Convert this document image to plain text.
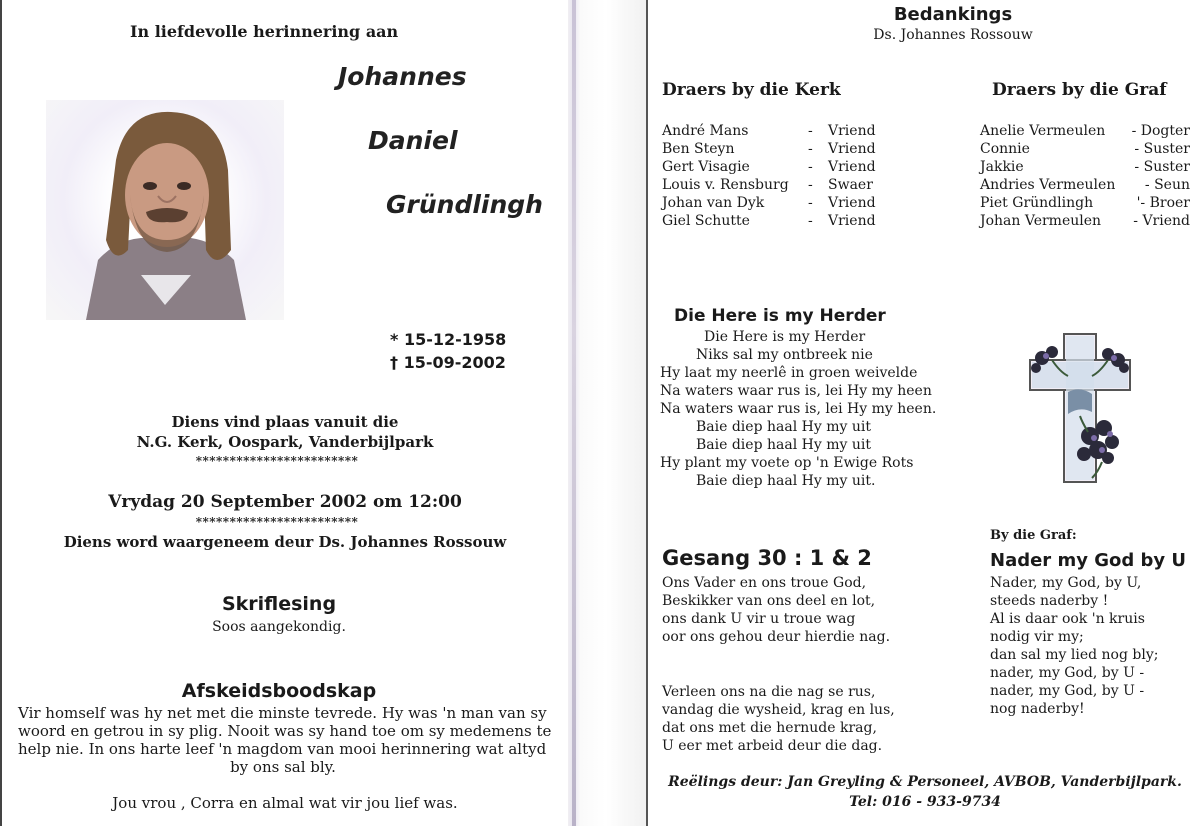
In liefdevolle herinnering aan
Johannes
Daniel
Gründlingh
* 15-12-1958
† 15-09-2002
Diens vind plaas vanuit die
N.G. Kerk, Oospark, Vanderbijlpark
************************
Vrydag 20 September 2002 om 12:00
************************
Diens word waargeneem deur Ds. Johannes Rossouw
Skriflesing
Soos aangekondig.
Afskeidsboodskap
Vir homself was hy net met die minste tevrede. Hy was 'n man van sy
woord en getrou in sy plig. Nooit was sy hand toe om sy medemens te
help nie. In ons harte leef 'n magdom van mooi herinnering wat altyd
by ons sal bly.
Jou vrou , Corra en almal wat vir jou lief was.
Bedankings
Ds. Johannes Rossouw
Draers by die Kerk
André Mans	- Vriend
Ben Steyn	- Vriend
Gert Visagie	- Vriend
Louis v. Rensburg - Swaer
Johan van Dyk	- Vriend
Giel Schutte	- Vriend
Draers by die Graf
Anelie Vermeulen - Dogter
Connie	- Suster
Jakkie	- Suster
Andries Vermeulen - Seun
Piet Gründlingh	'- Broer
Johan Vermeulen - Vriend
Die Here is my Herder
Die Here is my Herder
Niks sal my ontbreek nie
Hy laat my neerlê in groen weivelde
Na waters waar rus is, lei Hy my heen
Na waters waar rus is, lei Hy my heen.
Baie diep haal Hy my uit
Baie diep haal Hy my uit
Hy plant my voete op 'n Ewige Rots
Baie diep haal Hy my uit.
Gesang 30 : 1 & 2
Ons Vader en ons troue God,
Beskikker van ons deel en lot,
ons dank U vir u troue wag
oor ons gehou deur hierdie nag.
Verleen ons na die nag se rus,
vandag die wysheid, krag en lus,
dat ons met die hernude krag,
U eer met arbeid deur die dag.
By die Graf:
Nader my God by U
Nader, my God, by U,
steeds naderby !
Al is daar ook 'n kruis
nodig vir my;
dan sal my lied nog bly;
nader, my God, by U -
nader, my God, by U -
nog naderby!
Reëlings deur: Jan Greyling & Personeel, AVBOB, Vanderbijlpark.
Tel: 016 - 933-9734
